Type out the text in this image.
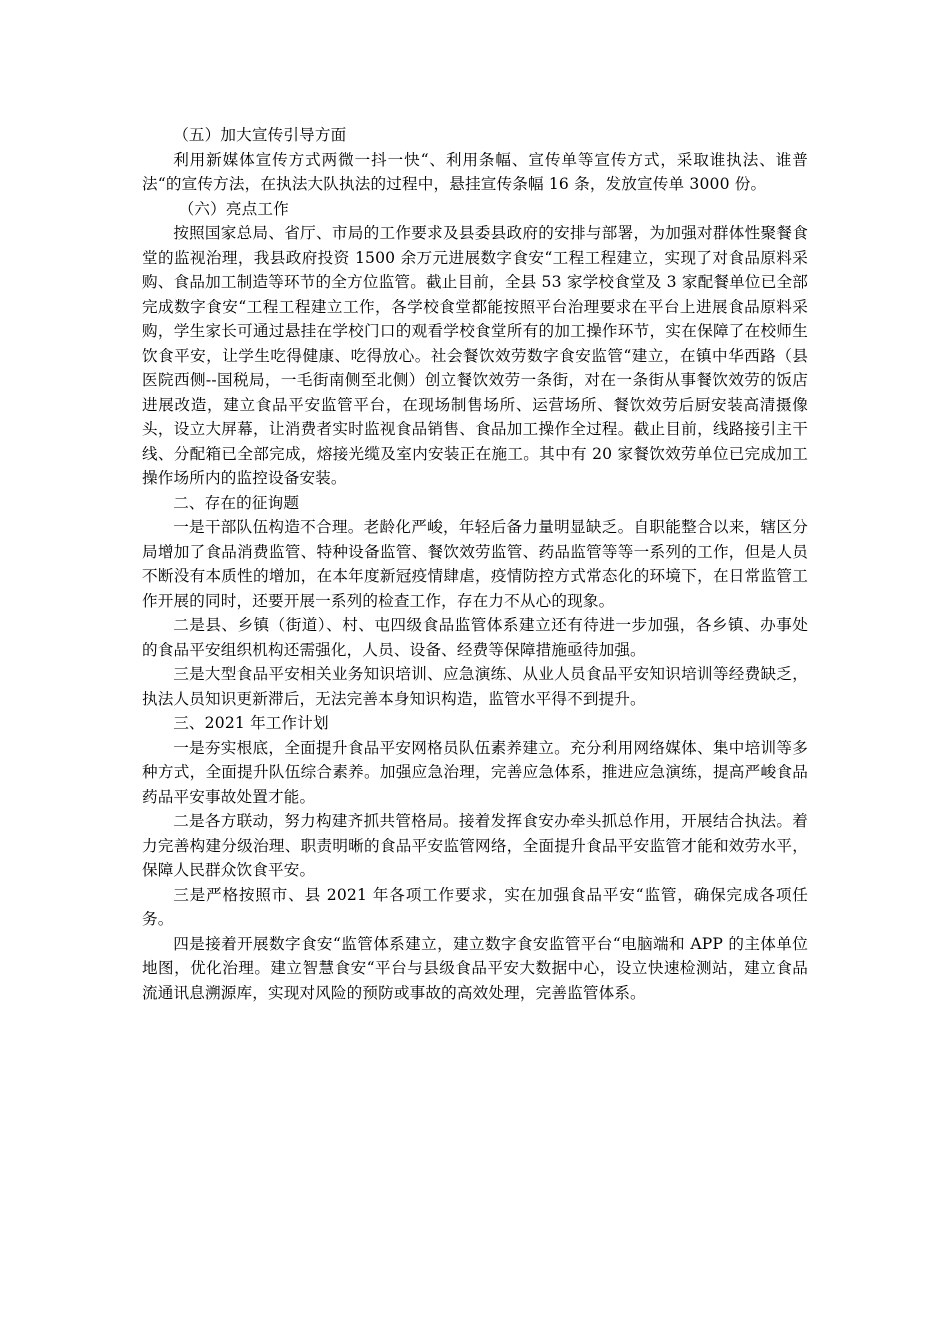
（五）加大宣传引导方面

利用新媒体宣传方式两微一抖一快“、利用条幅、宣传单等宣传方式，采取谁执法、谁普法“的宣传方法，在执法大队执法的过程中，悬挂宣传条幅 16 条，发放宣传单 3000 份。

（六）亮点工作

按照国家总局、省厅、市局的工作要求及县委县政府的安排与部署，为加强对群体性聚餐食堂的监视治理，我县政府投资 1500 余万元进展数字食安“工程工程建立，实现了对食品原料采购、食品加工制造等环节的全方位监管。截止目前，全县 53 家学校食堂及 3 家配餐单位已全部完成数字食安“工程工程建立工作，各学校食堂都能按照平台治理要求在平台上进展食品原料采购，学生家长可通过悬挂在学校门口的观看学校食堂所有的加工操作环节，实在保障了在校师生饮食平安，让学生吃得健康、吃得放心。社会餐饮效劳数字食安监管“建立，在镇中华西路（县医院西侧--国税局，一毛街南侧至北侧）创立餐饮效劳一条街，对在一条街从事餐饮效劳的饭店进展改造，建立食品平安监管平台，在现场制售场所、运营场所、餐饮效劳后厨安装高清摄像头，设立大屏幕，让消费者实时监视食品销售、食品加工操作全过程。截止目前，线路接引主干线、分配箱已全部完成，熔接光缆及室内安装正在施工。其中有 20 家餐饮效劳单位已完成加工操作场所内的监控设备安装。

二、存在的征询题

一是干部队伍构造不合理。老龄化严峻，年轻后备力量明显缺乏。自职能整合以来，辖区分局增加了食品消费监管、特种设备监管、餐饮效劳监管、药品监管等等一系列的工作，但是人员不断没有本质性的增加，在本年度新冠疫情肆虐，疫情防控方式常态化的环境下，在日常监管工作开展的同时，还要开展一系列的检查工作，存在力不从心的现象。

二是县、乡镇（街道）、村、屯四级食品监管体系建立还有待进一步加强，各乡镇、办事处的食品平安组织机构还需强化，人员、设备、经费等保障措施亟待加强。

三是大型食品平安相关业务知识培训、应急演练、从业人员食品平安知识培训等经费缺乏，执法人员知识更新滞后，无法完善本身知识构造，监管水平得不到提升。

三、2021 年工作计划

一是夯实根底，全面提升食品平安网格员队伍素养建立。充分利用网络媒体、集中培训等多种方式，全面提升队伍综合素养。加强应急治理，完善应急体系，推进应急演练，提高严峻食品药品平安事故处置才能。

二是各方联动，努力构建齐抓共管格局。接着发挥食安办牵头抓总作用，开展结合执法。着力完善构建分级治理、职责明晰的食品平安监管网络，全面提升食品平安监管才能和效劳水平，保障人民群众饮食平安。

三是严格按照市、县 2021 年各项工作要求，实在加强食品平安“监管，确保完成各项任务。

四是接着开展数字食安“监管体系建立，建立数字食安监管平台“电脑端和 APP 的主体单位地图，优化治理。建立智慧食安“平台与县级食品平安大数据中心，设立快速检测站，建立食品流通讯息溯源库，实现对风险的预防或事故的高效处理，完善监管体系。
